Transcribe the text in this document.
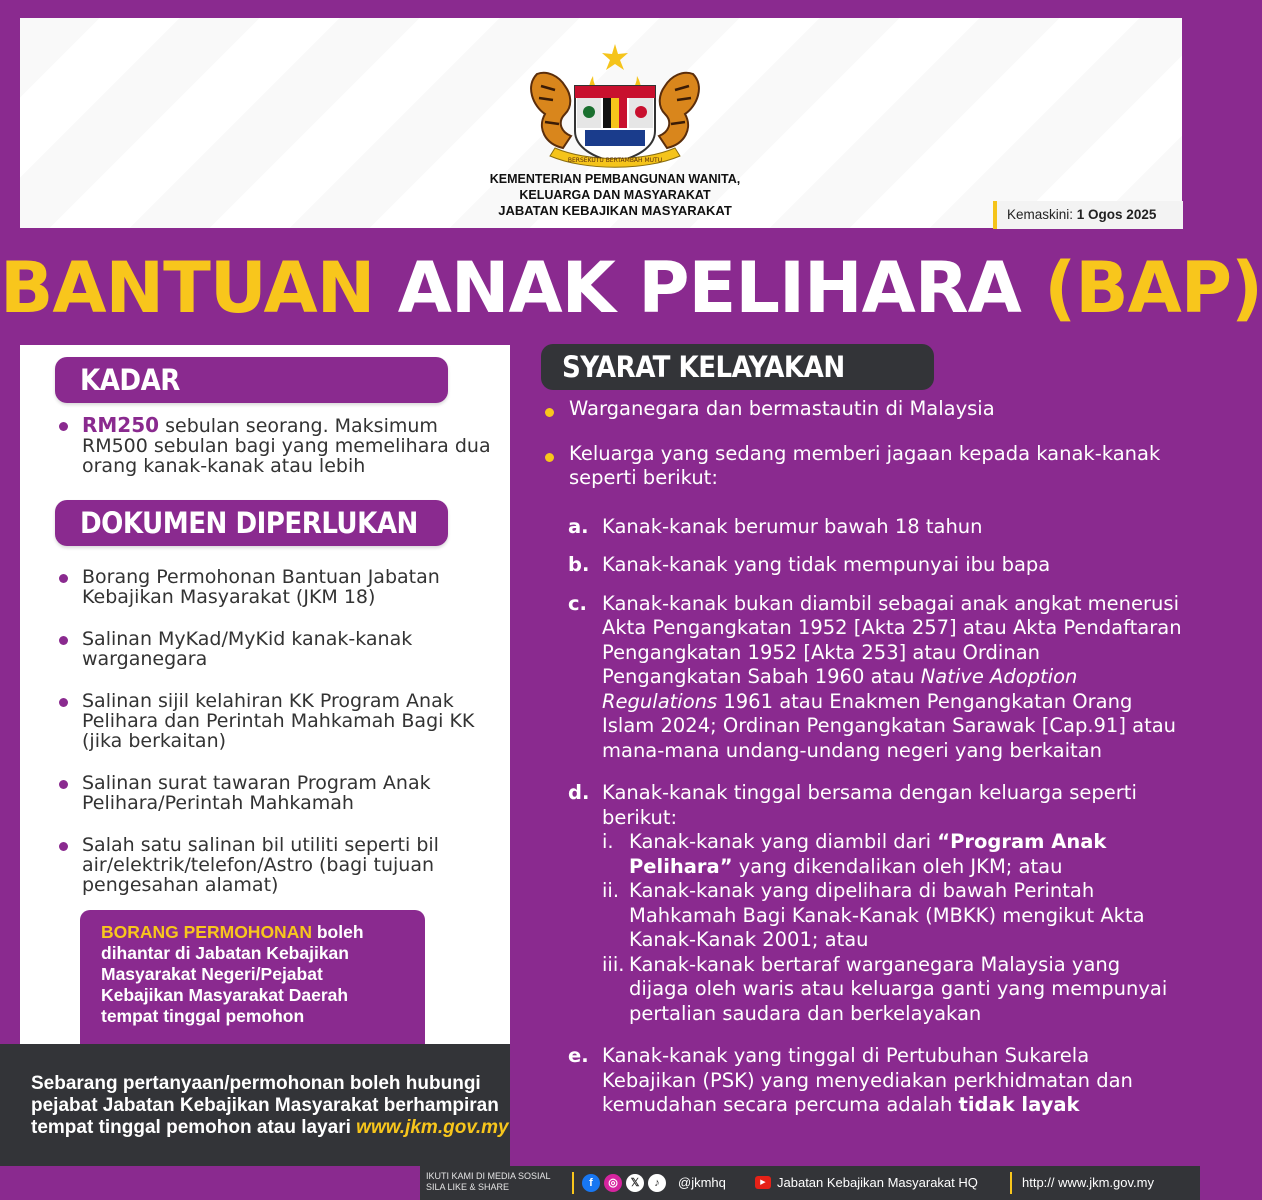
BERSEKUTU BERTAMBAH MUTU
KEMENTERIAN PEMBANGUNAN WANITA,
KELUARGA DAN MASYARAKAT
JABATAN KEBAJIKAN MASYARAKAT	Kemaskini: 1 Ogos 2025
BANTUAN ANAK PELIHARA (BAP)
KADAR
RM250 sebulan seorang. Maksimum RM500 sebulan bagi yang memelihara dua orang kanak-kanak atau lebih
DOKUMEN DIPERLUKAN
Borang Permohonan Bantuan Jabatan Kebajikan Masyarakat (JKM 18)
Salinan MyKad/MyKid kanak-kanak warganegara
Salinan sijil kelahiran KK Program Anak Pelihara dan Perintah Mahkamah Bagi KK (jika berkaitan)
Salinan surat tawaran Program Anak Pelihara/Perintah Mahkamah
Salah satu salinan bil utiliti seperti bil air/elektrik/telefon/Astro (bagi tujuan pengesahan alamat)
BORANG PERMOHONAN boleh dihantar di Jabatan Kebajikan Masyarakat Negeri/Pejabat Kebajikan Masyarakat Daerah tempat tinggal pemohon
Sebarang pertanyaan/permohonan boleh hubungi pejabat Jabatan Kebajikan Masyarakat berhampiran tempat tinggal pemohon atau layari www.jkm.gov.my
SYARAT KELAYAKAN
Warganegara dan bermastautin di Malaysia
Keluarga yang sedang memberi jagaan kepada kanak-kanak seperti berikut:
a. Kanak-kanak berumur bawah 18 tahun
b. Kanak-kanak yang tidak mempunyai ibu bapa
c. Kanak-kanak bukan diambil sebagai anak angkat menerusi Akta Pengangkatan 1952 [Akta 257] atau Akta Pendaftaran Pengangkatan 1952 [Akta 253] atau Ordinan Pengangkatan Sabah 1960 atau Native Adoption Regulations 1961 atau Enakmen Pengangkatan Orang Islam 2024; Ordinan Pengangkatan Sarawak [Cap.91] atau mana-mana undang-undang negeri yang berkaitan
d. Kanak-kanak tinggal bersama dengan keluarga seperti berikut:
i. Kanak-kanak yang diambil dari “Program Anak Pelihara” yang dikendalikan oleh JKM; atau
ii. Kanak-kanak yang dipelihara di bawah Perintah Mahkamah Bagi Kanak-Kanak (MBKK) mengikut Akta Kanak-Kanak 2001; atau
iii. Kanak-kanak bertaraf warganegara Malaysia yang dijaga oleh waris atau keluarga ganti yang mempunyai pertalian saudara dan berkelayakan
e. Kanak-kanak yang tinggal di Pertubuhan Sukarela Kebajikan (PSK) yang menyediakan perkhidmatan dan kemudahan secara percuma adalah tidak layak
IKUTI KAMI DI MEDIA SOSIAL
SILA LIKE & SHARE	f	◎	𝕏	♪	@jkmhq	▶ Jabatan Kebajikan Masyarakat HQ	http:// www.jkm.gov.my
